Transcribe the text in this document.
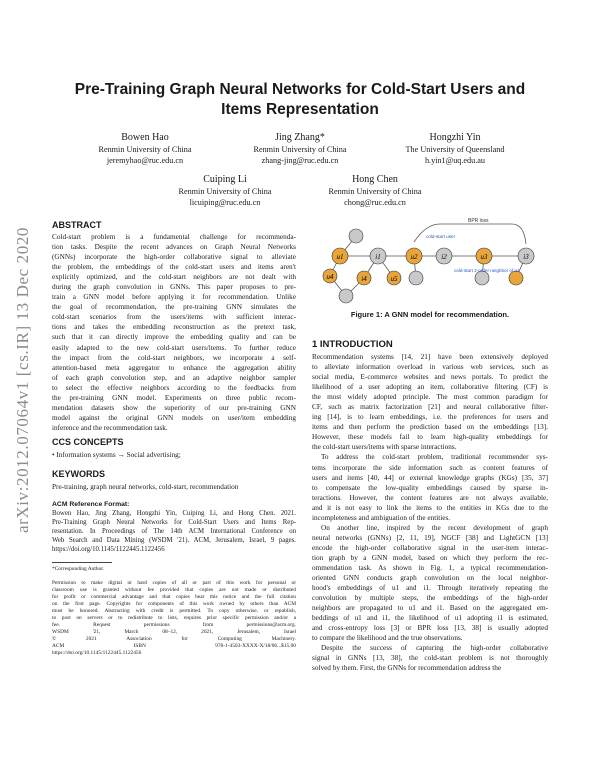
Pre-Training Graph Neural Networks for Cold-Start Users and Items Representation
Bowen Hao
Renmin University of China
jeremyhao@ruc.edu.cn
Jing Zhang*
Renmin University of China
zhang-jing@ruc.edu.cn
Hongzhi Yin
The University of Queensland
h.yin1@uq.edu.au
Cuiping Li
Renmin University of China
licuiping@ruc.edu.cn
Hong Chen
Renmin University of China
chong@ruc.edu.cn
arXiv:2012.07064v1 [cs.IR] 13 Dec 2020
ABSTRACT
Cold-start problem is a fundamental challenge for recommenda-
tion tasks. Despite the recent advances on Graph Neural Networks
(GNNs) incorporate the high-order collaborative signal to alleviate
the problem, the embeddings of the cold-start users and items aren't
explicitly optimized, and the cold-start neighbors are not dealt with
during the graph convolution in GNNs. This paper proposes to pre-
train a GNN model before applying it for recommendation. Unlike
the goal of recommendation, the pre-training GNN simulates the
cold-start scenarios from the users/items with sufficient interac-
tions and takes the embedding reconstruction as the pretext task,
such that it can directly improve the embedding quality and can be
easily adapted to the new cold-start users/items. To further reduce
the impact from the cold-start neighbors, we incorporate a self-
attention-based meta aggregator to enhance the aggregation ability
of each graph convolution step, and an adaptive neighbor sampler
to select the effective neighbors according to the feedbacks from
the pre-training GNN model. Experiments on three public recom-
mendation datasets show the superiority of our pre-training GNN
model against the original GNN models on user/item embedding
inference and the recommendation task.
CCS CONCEPTS
• Information systems → Social advertising;
KEYWORDS
Pre-training, graph neural networks, cold-start, recommendation
ACM Reference Format:
Bowen Hao, Jing Zhang, Hongzhi Yin, Cuiping Li, and Hong Chen. 2021.
Pre-Training Graph Neural Networks for Cold-Start Users and Items Rep-
resentation. In Proceedings of The 14th ACM International Conference on
Web Search and Data Mining (WSDM '21). ACM, Jerusalem, Israel, 9 pages.
https://doi.org/10.1145/1122445.1122456
*Corresponding Author.
Permission to make digital or hard copies of all or part of this work for personal or
classroom use is granted without fee provided that copies are not made or distributed
for profit or commercial advantage and that copies bear this notice and the full citation
on the first page. Copyrights for components of this work owned by others than ACM
must be honored. Abstracting with credit is permitted. To copy otherwise, or republish,
to post on servers or to redistribute to lists, requires prior specific permission and/or a
fee. Request permissions from permissions@acm.org.
WSDM '21, March 08–12, 2021, Jerusalem, Israel
© 2021 Association for Computing Machinery.
ACM ISBN 978-1-4503-XXXX-X/18/06...$15.00
https://doi.org/10.1145/1122445.1122456
u1	i1	u2	i2	u3	i3
u4	i4	u5
cold-start user
cold-start 2-order neighbor of u1
BPR loss
Figure 1: A GNN model for recommendation.
1 INTRODUCTION
Recommendation systems [14, 21] have been extensively deployed
to alleviate information overload in various web services, such as
social media, E-commerce websites and news portals. To predict the
likelihood of a user adopting an item, collaborative filtering (CF) is
the most widely adopted principle. The most common paradigm for
CF, such as matrix factorization [21] and neural collaborative filter-
ing [14], is to learn embeddings, i.e. the preferences for users and
items and then perform the prediction based on the embeddings [13].
However, these models fail to learn high-quality embeddings for
the cold-start users/items with sparse interactions.
To address the cold-start problem, traditional recommender sys-
tems incorporate the side information such as content features of
users and items [40, 44] or external knowledge graphs (KGs) [35, 37]
to compensate the low-quality embeddings caused by sparse in-
teractions. However, the content features are not always available,
and it is not easy to link the items to the entities in KGs due to the
incompleteness and ambiguation of the entities.
On another line, inspired by the recent development of graph
neural networks (GNNs) [2, 11, 19], NGCF [38] and LightGCN [13]
encode the high-order collaborative signal in the user-item interac-
tion graph by a GNN model, based on which they perform the rec-
ommendation task. As shown in Fig. 1, a typical recommendation-
oriented GNN conducts graph convolution on the local neighbor-
hood's embeddings of u1 and i1. Through iteratively repeating the
convolution by multiple steps, the embeddings of the high-order
neighbors are propagated to u1 and i1. Based on the aggregated em-
beddings of u1 and i1, the likelihood of u1 adopting i1 is estimated,
and cross-entropy loss [3] or BPR loss [13, 38] is usually adopted
to compare the likelihood and the true observations.
Despite the success of capturing the high-order collaborative
signal in GNNs [13, 38], the cold-start problem is not thoroughly
solved by them. First, the GNNs for recommendation address the
